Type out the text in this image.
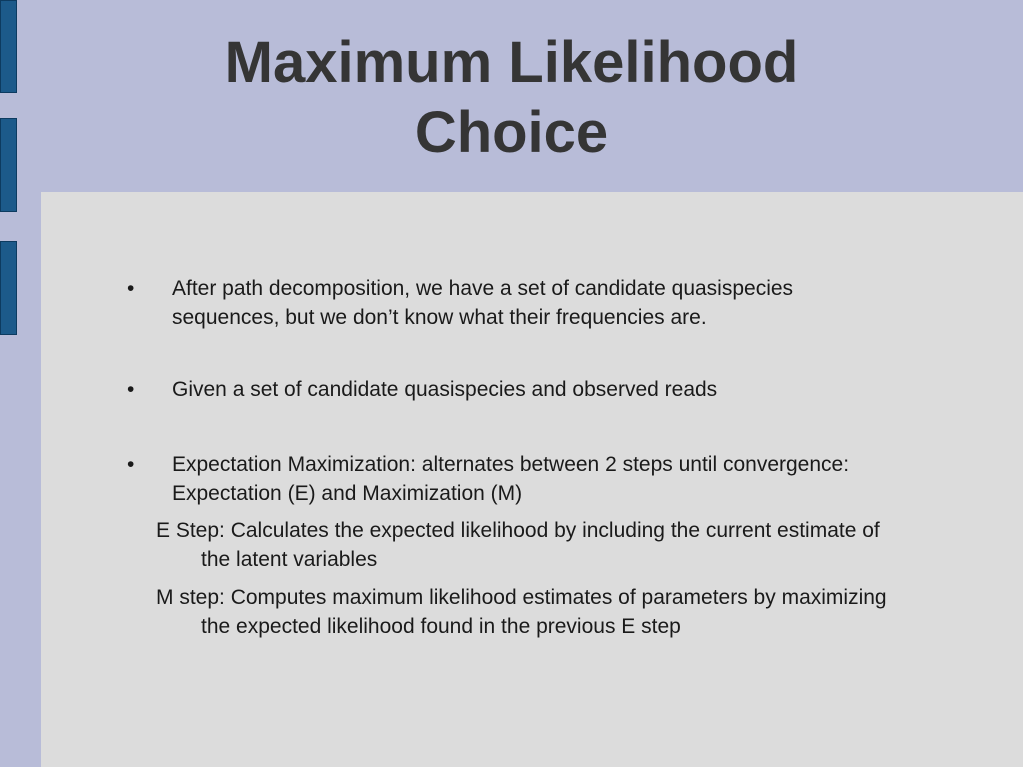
Maximum Likelihood
Choice
• After path decomposition, we have a set of candidate quasispecies sequences, but we don’t know what their frequencies are.
• Given a set of candidate quasispecies and observed reads
• Expectation Maximization: alternates between 2 steps until convergence: Expectation (E) and Maximization (M)
E Step: Calculates the expected likelihood by including the current estimate of the latent variables
M step: Computes maximum likelihood estimates of parameters by maximizing the expected likelihood found in the previous E step
